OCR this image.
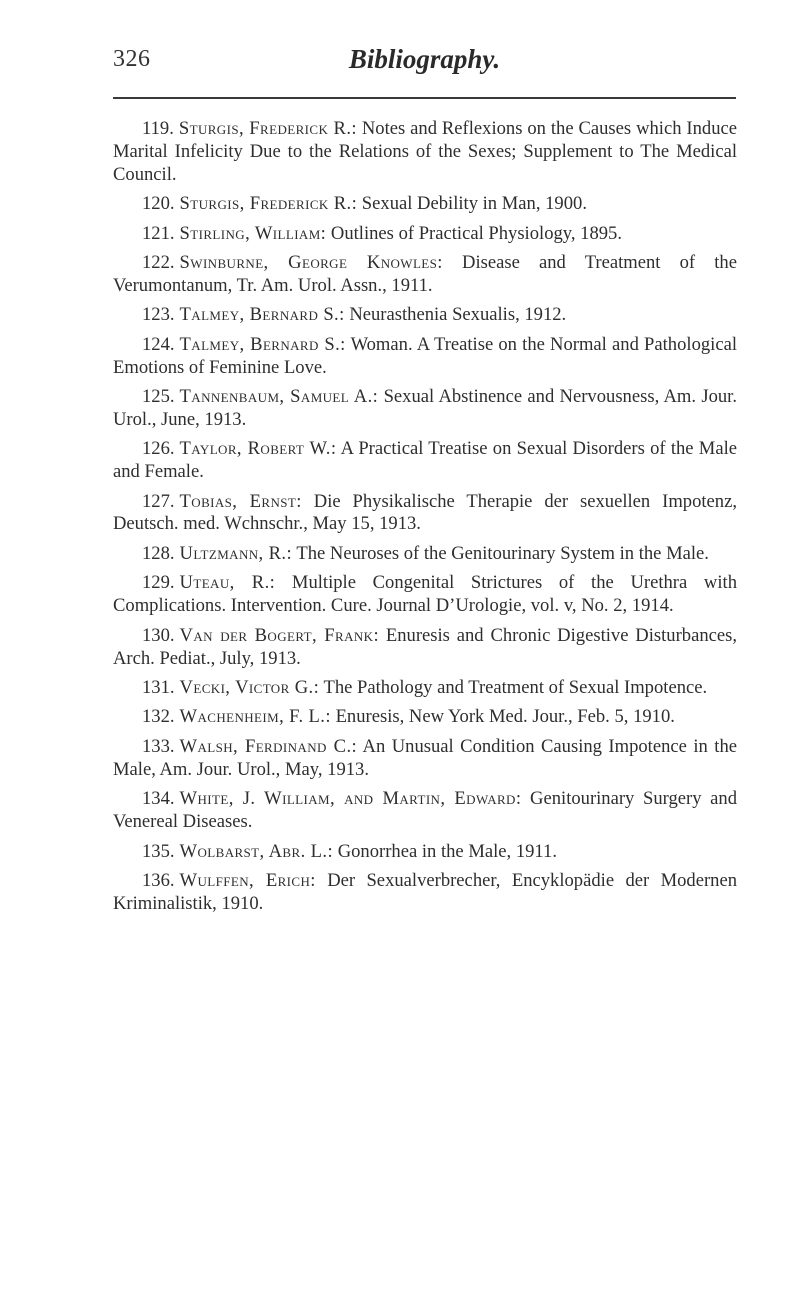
326	Bibliography.

119. Sturgis, Frederick R.: Notes and Reflexions on the Causes which Induce Marital Infelicity Due to the Relations of the Sexes; Supplement to The Medical Council.

120. Sturgis, Frederick R.: Sexual Debility in Man, 1900.

121. Stirling, William: Outlines of Practical Physiology, 1895.

122. Swinburne, George Knowles: Disease and Treatment of the Verumontanum, Tr. Am. Urol. Assn., 1911.

123. Talmey, Bernard S.: Neurasthenia Sexualis, 1912.

124. Talmey, Bernard S.: Woman. A Treatise on the Normal and Pathological Emotions of Feminine Love.

125. Tannenbaum, Samuel A.: Sexual Abstinence and Nervousness, Am. Jour. Urol., June, 1913.

126. Taylor, Robert W.: A Practical Treatise on Sexual Disorders of the Male and Female.

127. Tobias, Ernst: Die Physikalische Therapie der sexuellen Impotenz, Deutsch. med. Wchnschr., May 15, 1913.

128. Ultzmann, R.: The Neuroses of the Genitourinary System in the Male.

129. Uteau, R.: Multiple Congenital Strictures of the Urethra with Complications. Intervention. Cure. Journal D’Urologie, vol. v, No. 2, 1914.

130. Van der Bogert, Frank: Enuresis and Chronic Digestive Disturbances, Arch. Pediat., July, 1913.

131. Vecki, Victor G.: The Pathology and Treatment of Sexual Impotence.

132. Wachenheim, F. L.: Enuresis, New York Med. Jour., Feb. 5, 1910.

133. Walsh, Ferdinand C.: An Unusual Condition Causing Impotence in the Male, Am. Jour. Urol., May, 1913.

134. White, J. William, and Martin, Edward: Genitourinary Surgery and Venereal Diseases.

135. Wolbarst, Abr. L.: Gonorrhea in the Male, 1911.

136. Wulffen, Erich: Der Sexualverbrecher, Encyklopädie der Modernen Kriminalistik, 1910.
